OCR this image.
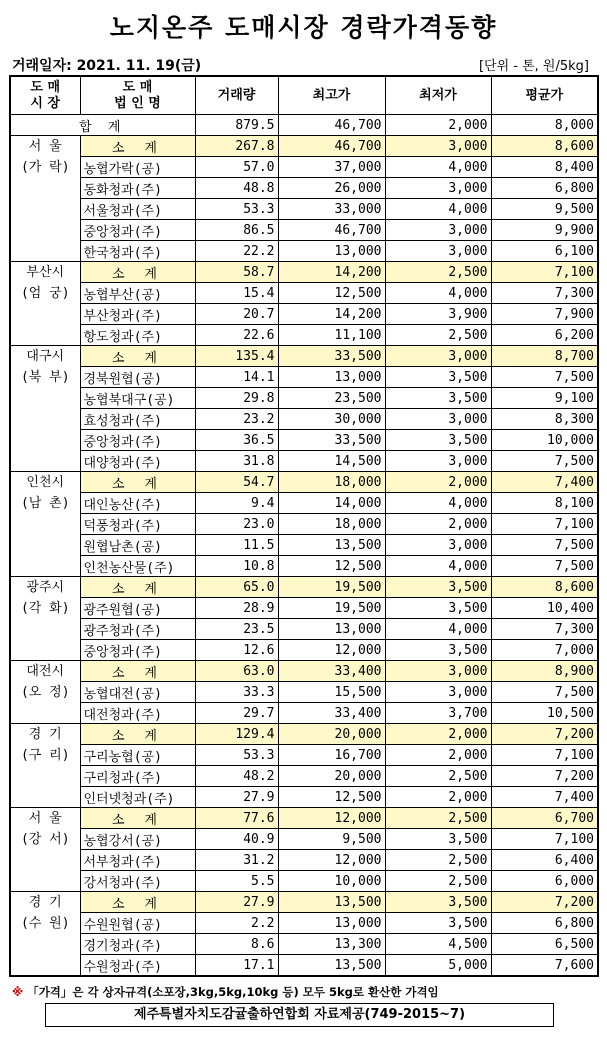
노지온주 도매시장 경락가격동향
거래일자: 2021. 11. 19(금)	[단위 - 톤, 원/5kg]
도 매
시 장	도 매
법 인 명	거래량	최고가	최저가	평균가
합 계		879.5	46,700	2,000	8,000
서 울
(가 락)	소 계	267.8	46,700	3,000	8,600
	농협가락(공)	57.0	37,000	4,000	8,400
	동화청과(주)	48.8	26,000	3,000	6,800
	서울청과(주)	53.3	33,000	4,000	9,500
	중앙청과(주)	86.5	46,700	3,000	9,900
	한국청과(주)	22.2	13,000	3,000	6,100
부산시
(엄 궁)	소 계	58.7	14,200	2,500	7,100
	농협부산(공)	15.4	12,500	4,000	7,300
	부산청과(주)	20.7	14,200	3,900	7,900
	항도청과(주)	22.6	11,100	2,500	6,200
대구시
(북 부)	소 계	135.4	33,500	3,000	8,700
	경북원협(공)	14.1	13,000	3,500	7,500
	농협북대구(공)	29.8	23,500	3,500	9,100
	효성청과(주)	23.2	30,000	3,000	8,300
	중앙청과(주)	36.5	33,500	3,500	10,000
	대양청과(주)	31.8	14,500	3,000	7,500
인천시
(남 촌)	소 계	54.7	18,000	2,000	7,400
	대인농산(주)	9.4	14,000	4,000	8,100
	덕풍청과(주)	23.0	18,000	2,000	7,100
	원협남촌(공)	11.5	13,500	3,000	7,500
	인천농산물(주)	10.8	12,500	4,000	7,500
광주시
(각 화)	소 계	65.0	19,500	3,500	8,600
	광주원협(공)	28.9	19,500	3,500	10,400
	광주청과(주)	23.5	13,000	4,000	7,300
	중앙청과(주)	12.6	12,000	3,500	7,000
대전시
(오 정)	소 계	63.0	33,400	3,000	8,900
	농협대전(공)	33.3	15,500	3,000	7,500
	대전청과(주)	29.7	33,400	3,700	10,500
경 기
(구 리)	소 계	129.4	20,000	2,000	7,200
	구리농협(공)	53.3	16,700	2,000	7,100
	구리청과(주)	48.2	20,000	2,500	7,200
	인터넷청과(주)	27.9	12,500	2,000	7,400
서 울
(강 서)	소 계	77.6	12,000	2,500	6,700
	농협강서(공)	40.9	9,500	3,500	7,100
	서부청과(주)	31.2	12,000	2,500	6,400
	강서청과(주)	5.5	10,000	2,500	6,000
경 기
(수 원)	소 계	27.9	13,500	3,500	7,200
	수원원협(공)	2.2	13,000	3,500	6,800
	경기청과(주)	8.6	13,300	4,500	6,500
	수원청과(주)	17.1	13,500	5,000	7,600
※ 「가격」은 각 상자규격(소포장,3kg,5kg,10kg 등) 모두 5kg로 환산한 가격임
제주특별자치도감귤출하연합회 자료제공(749-2015~7)
